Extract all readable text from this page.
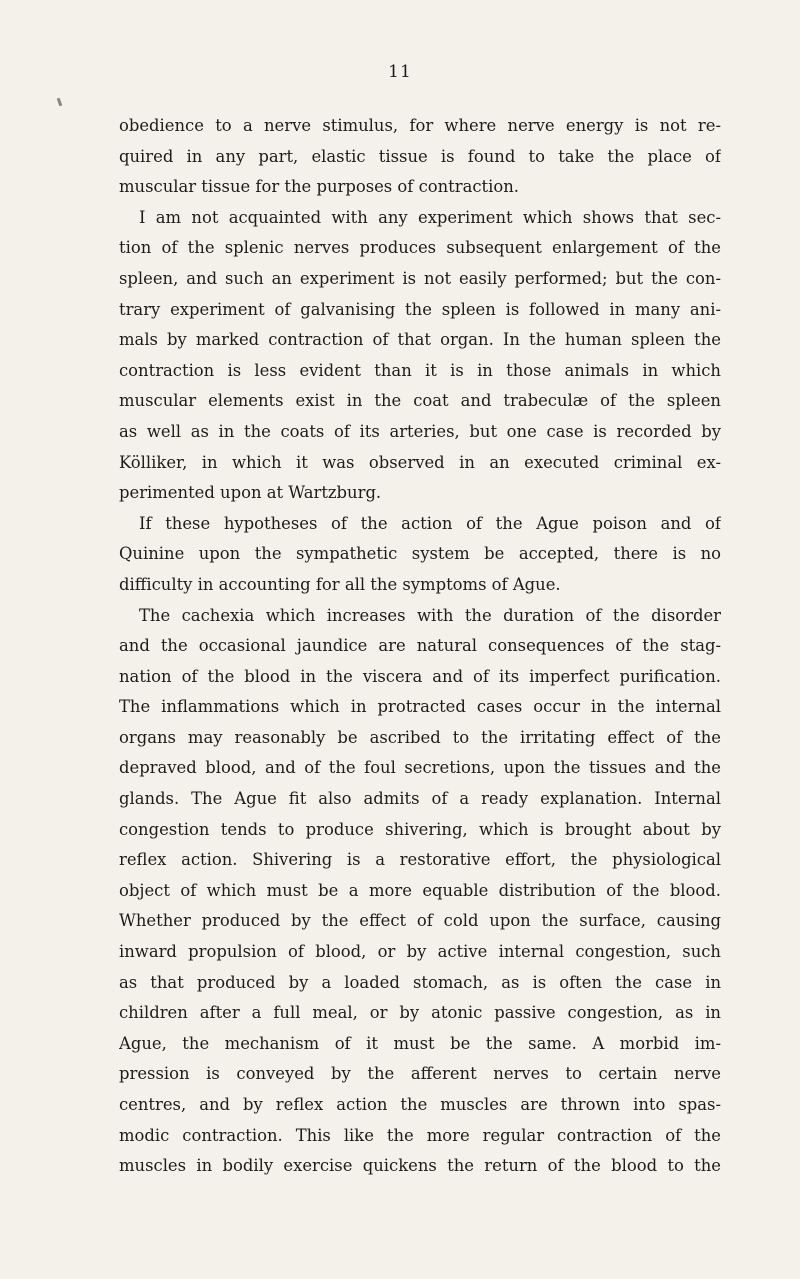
11
obedience to a nerve stimulus, for where nerve energy is not re-
quired in any part, elastic tissue is found to take the place of
muscular tissue for the purposes of contraction.
I am not acquainted with any experiment which shows that sec-
tion of the splenic nerves produces subsequent enlargement of the
spleen, and such an experiment is not easily performed; but the con-
trary experiment of galvanising the spleen is followed in many ani-
mals by marked contraction of that organ. In the human spleen the
contraction is less evident than it is in those animals in which
muscular elements exist in the coat and trabeculæ of the spleen
as well as in the coats of its arteries, but one case is recorded by
Kölliker, in which it was observed in an executed criminal ex-
perimented upon at Wartzburg.
If these hypotheses of the action of the Ague poison and of
Quinine upon the sympathetic system be accepted, there is no
difficulty in accounting for all the symptoms of Ague.
The cachexia which increases with the duration of the disorder
and the occasional jaundice are natural consequences of the stag-
nation of the blood in the viscera and of its imperfect purification.
The inflammations which in protracted cases occur in the internal
organs may reasonably be ascribed to the irritating effect of the
depraved blood, and of the foul secretions, upon the tissues and the
glands. The Ague fit also admits of a ready explanation. Internal
congestion tends to produce shivering, which is brought about by
reflex action. Shivering is a restorative effort, the physiological
object of which must be a more equable distribution of the blood.
Whether produced by the effect of cold upon the surface, causing
inward propulsion of blood, or by active internal congestion, such
as that produced by a loaded stomach, as is often the case in
children after a full meal, or by atonic passive congestion, as in
Ague, the mechanism of it must be the same. A morbid im-
pression is conveyed by the afferent nerves to certain nerve
centres, and by reflex action the muscles are thrown into spas-
modic contraction. This like the more regular contraction of the
muscles in bodily exercise quickens the return of the blood to the
